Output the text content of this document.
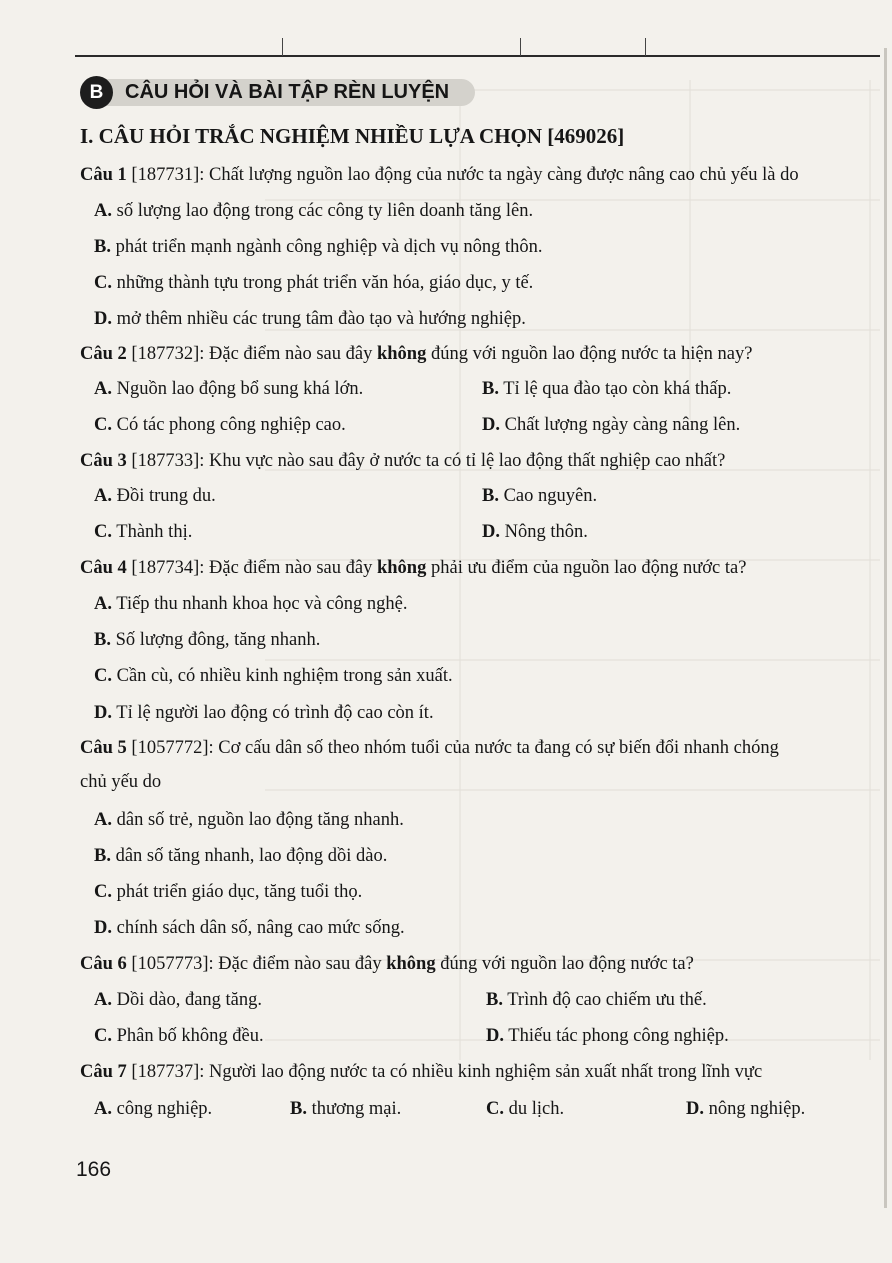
B	CÂU HỎI VÀ BÀI TẬP RÈN LUYỆN
I. CÂU HỎI TRẮC NGHIỆM NHIỀU LỰA CHỌN [469026]
Câu 1 [187731]: Chất lượng nguồn lao động của nước ta ngày càng được nâng cao chủ yếu là do
A. số lượng lao động trong các công ty liên doanh tăng lên.
B. phát triển mạnh ngành công nghiệp và dịch vụ nông thôn.
C. những thành tựu trong phát triển văn hóa, giáo dục, y tế.
D. mở thêm nhiều các trung tâm đào tạo và hướng nghiệp.
Câu 2 [187732]: Đặc điểm nào sau đây không đúng với nguồn lao động nước ta hiện nay?
A. Nguồn lao động bổ sung khá lớn.	B. Tỉ lệ qua đào tạo còn khá thấp.
C. Có tác phong công nghiệp cao.	D. Chất lượng ngày càng nâng lên.
Câu 3 [187733]: Khu vực nào sau đây ở nước ta có tỉ lệ lao động thất nghiệp cao nhất?
A. Đồi trung du.	B. Cao nguyên.
C. Thành thị.	D. Nông thôn.
Câu 4 [187734]: Đặc điểm nào sau đây không phải ưu điểm của nguồn lao động nước ta?
A. Tiếp thu nhanh khoa học và công nghệ.
B. Số lượng đông, tăng nhanh.
C. Cần cù, có nhiều kinh nghiệm trong sản xuất.
D. Tỉ lệ người lao động có trình độ cao còn ít.
Câu 5 [1057772]: Cơ cấu dân số theo nhóm tuổi của nước ta đang có sự biến đổi nhanh chóng
chủ yếu do
A. dân số trẻ, nguồn lao động tăng nhanh.
B. dân số tăng nhanh, lao động dồi dào.
C. phát triển giáo dục, tăng tuổi thọ.
D. chính sách dân số, nâng cao mức sống.
Câu 6 [1057773]: Đặc điểm nào sau đây không đúng với nguồn lao động nước ta?
A. Dồi dào, đang tăng.	B. Trình độ cao chiếm ưu thế.
C. Phân bố không đều.	D. Thiếu tác phong công nghiệp.
Câu 7 [187737]: Người lao động nước ta có nhiều kinh nghiệm sản xuất nhất trong lĩnh vực
A. công nghiệp.	B. thương mại.	C. du lịch.	D. nông nghiệp.
166
